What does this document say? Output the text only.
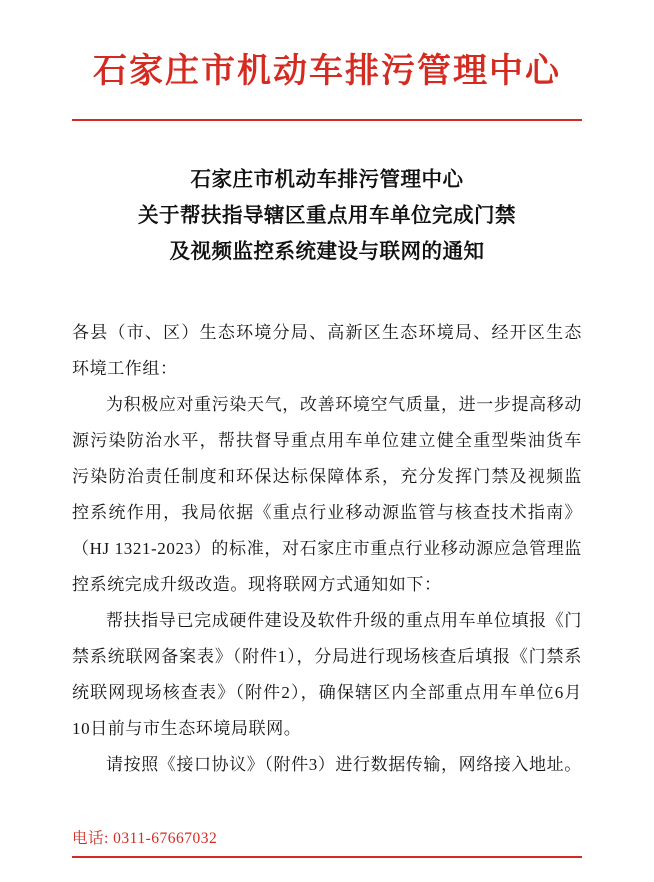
石家庄市机动车排污管理中心
石家庄市机动车排污管理中心
关于帮扶指导辖区重点用车单位完成门禁
及视频监控系统建设与联网的通知

各县（市、区）生态环境分局、高新区生态环境局、经开区生态环境工作组：

为积极应对重污染天气，改善环境空气质量，进一步提高移动源污染防治水平，帮扶督导重点用车单位建立健全重型柴油货车污染防治责任制度和环保达标保障体系，充分发挥门禁及视频监控系统作用，我局依据《重点行业移动源监管与核查技术指南》（HJ 1321-2023）的标准，对石家庄市重点行业移动源应急管理监控系统完成升级改造。现将联网方式通知如下：

帮扶指导已完成硬件建设及软件升级的重点用车单位填报《门禁系统联网备案表》（附件1），分局进行现场核查后填报《门禁系统联网现场核查表》（附件2），确保辖区内全部重点用车单位6月10日前与市生态环境局联网。

请按照《接口协议》（附件3）进行数据传输，网络接入地址。

电话: 0311-67667032
